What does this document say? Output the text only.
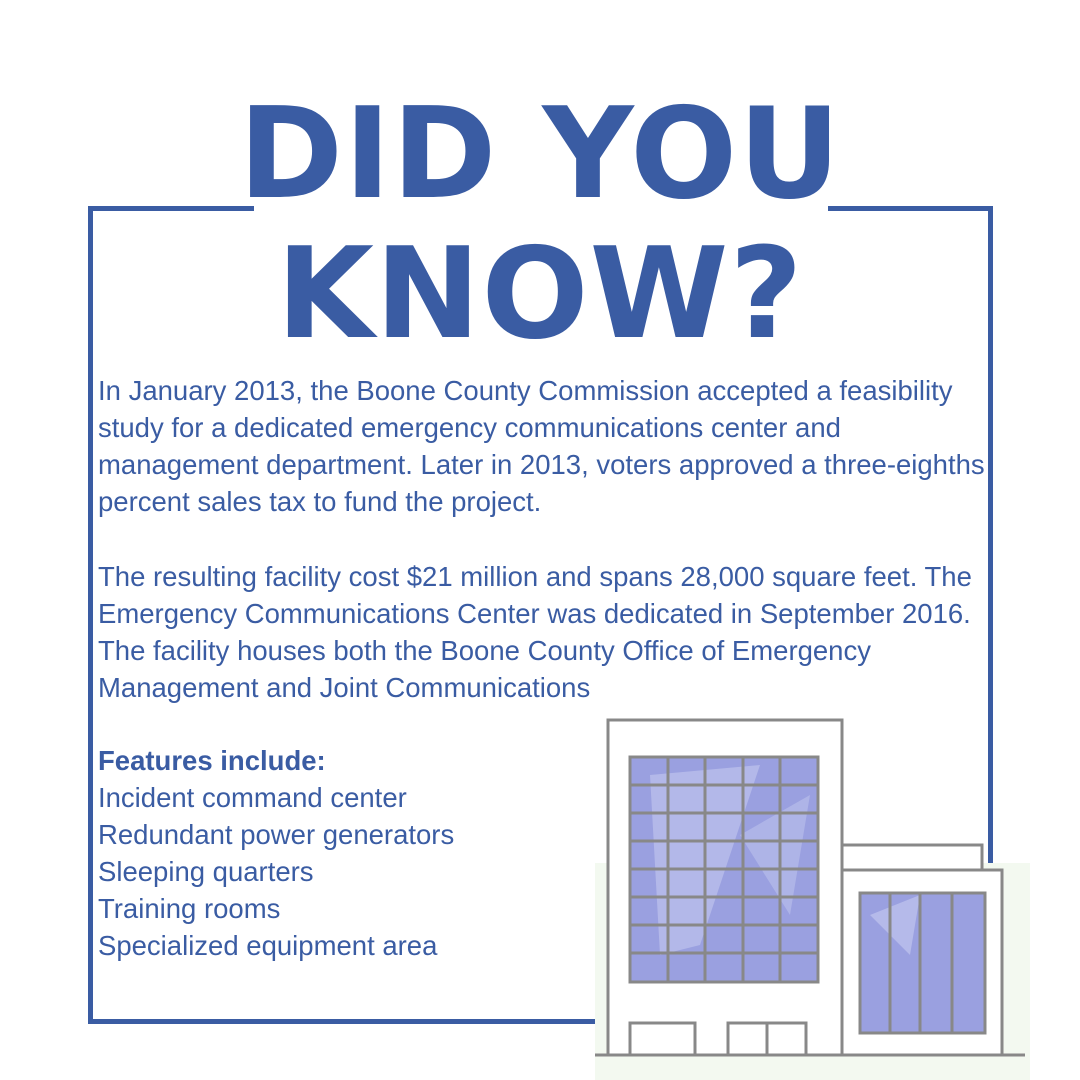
DID YOU
KNOW?

In January 2013, the Boone County Commission accepted a feasibility study for a dedicated emergency communications center and management department. Later in 2013, voters approved a three-eighths percent sales tax to fund the project.

The resulting facility cost $21 million and spans 28,000 square feet. The Emergency Communications Center was dedicated in September 2016. The facility houses both the Boone County Office of Emergency Management and Joint Communications

Features include:
Incident command center
Redundant power generators
Sleeping quarters
Training rooms
Specialized equipment area
